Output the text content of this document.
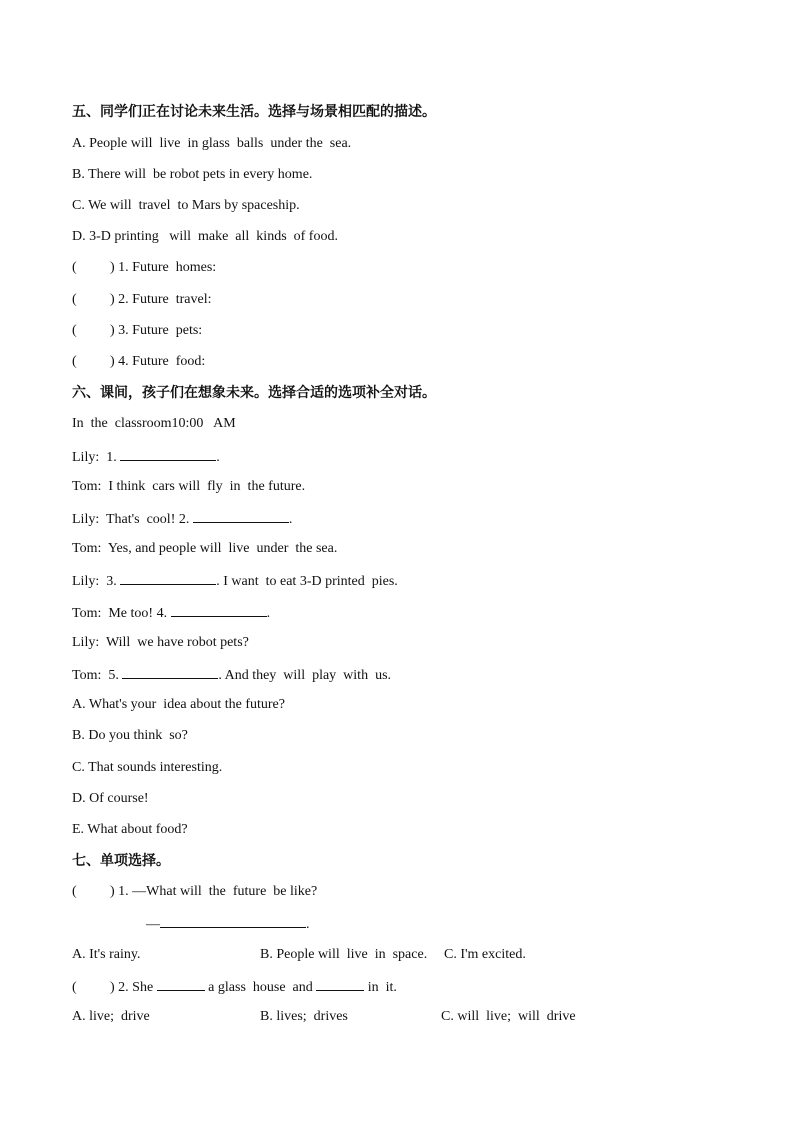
五、同学们正在讨论未来生活。选择与场景相匹配的描述。
A. People will  live  in glass  balls  under the  sea.
B. There will  be robot pets in every home.
C. We will  travel  to Mars by spaceship.
D. 3-D printing   will  make  all  kinds  of food.
( ) 1. Future  homes:
( ) 2. Future  travel:
( ) 3. Future  pets:
( ) 4. Future  food:
六、课间，孩子们在想象未来。选择合适的选项补全对话。
In  the  classroom10:00   AM
Lily:  1.	.
Tom:  I think  cars will  fly  in  the future.
Lily:  That's  cool! 2.	.
Tom:  Yes, and people will  live  under  the sea.
Lily:  3.	. I want  to eat 3-D printed  pies.
Tom:  Me too! 4.	.
Lily:  Will  we have robot pets?
Tom:  5.	. And they  will  play  with  us.
A. What's your  idea about the future?
B. Do you think  so?
C. That sounds interesting.
D. Of course!
E. What about food?
七、单项选择。
( ) 1. —What will  the  future  be like?
—	.
A. It's rainy.	B. People will  live  in  space. C. I'm excited.
( ) 2. She	a glass  house  and	in  it.
A. live;  drive	B. lives;  drives	C. will  live;  will  drive
